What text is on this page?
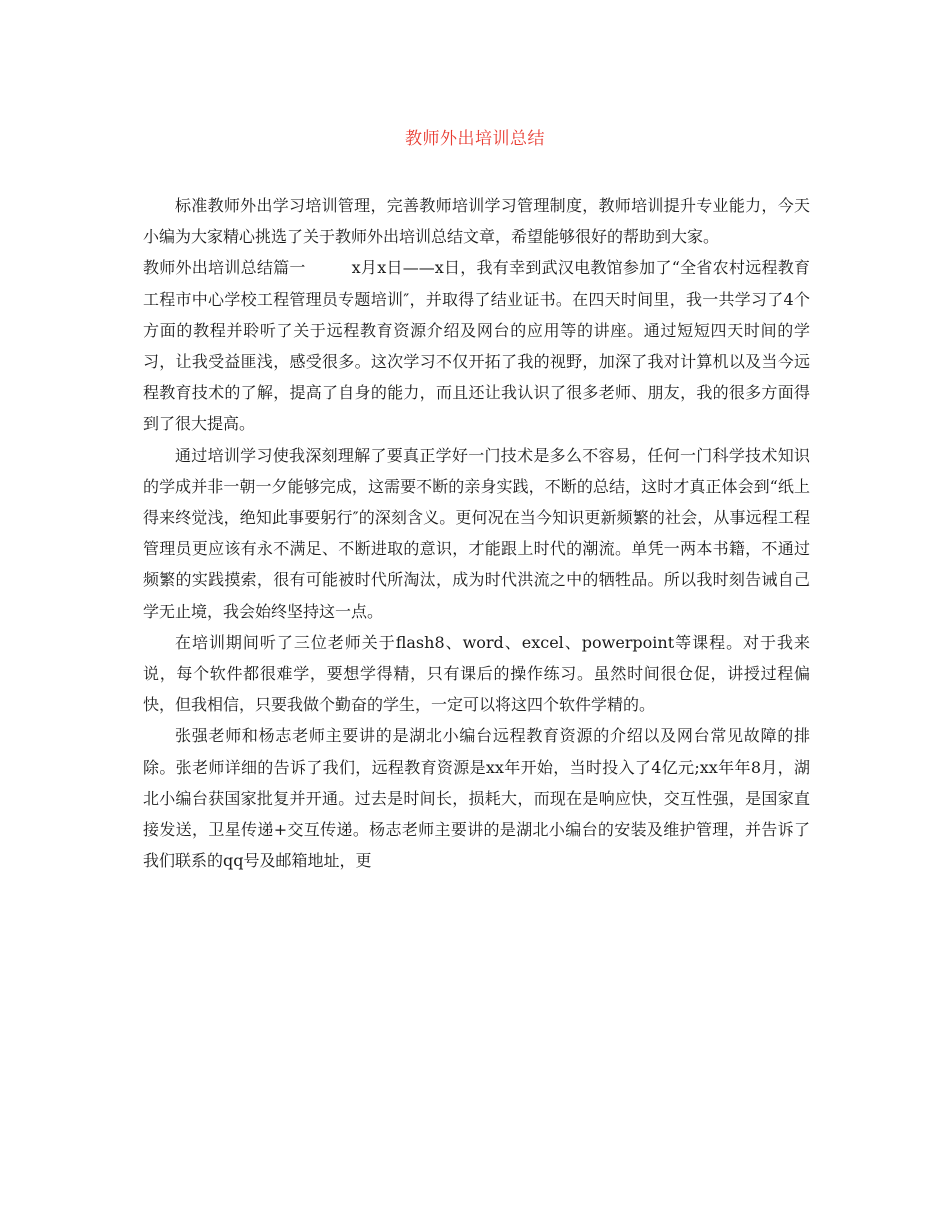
教师外出培训总结

标准教师外出学习培训管理，完善教师培训学习管理制度，教师培训提升专业能力，今天小编为大家精心挑选了关于教师外出培训总结文章，希望能够很好的帮助到大家。

教师外出培训总结篇一	x月x日——x日，我有幸到武汉电教馆参加了“全省农村远程教育工程市中心学校工程管理员专题培训″，并取得了结业证书。在四天时间里，我一共学习了4个方面的教程并聆听了关于远程教育资源介绍及网台的应用等的讲座。通过短短四天时间的学习，让我受益匪浅，感受很多。这次学习不仅开拓了我的视野，加深了我对计算机以及当今远程教育技术的了解，提高了自身的能力，而且还让我认识了很多老师、朋友，我的很多方面得到了很大提高。

通过培训学习使我深刻理解了要真正学好一门技术是多么不容易，任何一门科学技术知识的学成并非一朝一夕能够完成，这需要不断的亲身实践，不断的总结，这时才真正体会到“纸上得来终觉浅，绝知此事要躬行″的深刻含义。更何况在当今知识更新频繁的社会，从事远程工程管理员更应该有永不满足、不断进取的意识，才能跟上时代的潮流。单凭一两本书籍，不通过频繁的实践摸索，很有可能被时代所淘汰，成为时代洪流之中的牺牲品。所以我时刻告诫自己学无止境，我会始终坚持这一点。

在培训期间听了三位老师关于flash8、word、excel、powerpoint等课程。对于我来说，每个软件都很难学，要想学得精，只有课后的操作练习。虽然时间很仓促，讲授过程偏快，但我相信，只要我做个勤奋的学生，一定可以将这四个软件学精的。

张强老师和杨志老师主要讲的是湖北小编台远程教育资源的介绍以及网台常见故障的排除。张老师详细的告诉了我们，远程教育资源是xx年开始，当时投入了4亿元;xx年年8月，湖北小编台获国家批复并开通。过去是时间长，损耗大，而现在是响应快，交互性强，是国家直接发送，卫星传递+交互传递。杨志老师主要讲的是湖北小编台的安装及维护管理，并告诉了我们联系的qq号及邮箱地址，更
